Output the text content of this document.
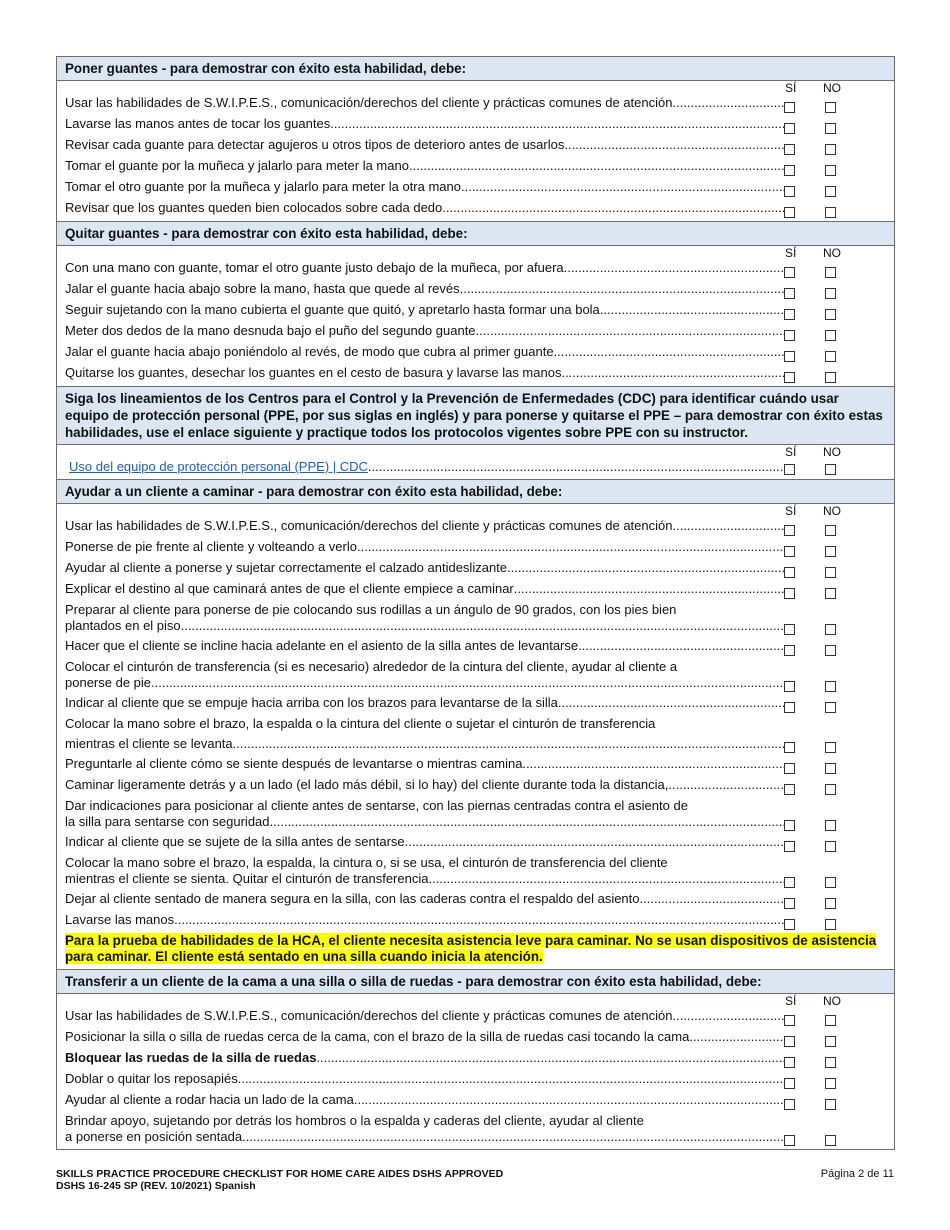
Poner guantes - para demostrar con éxito esta habilidad, debe:
SÍ NO
Usar las habilidades de S.W.I.P.E.S., comunicación/derechos del cliente y prácticas comunes de atención
.....
Lavarse las manos antes de tocar los guantes
.....
Revisar cada guante para detectar agujeros u otros tipos de deterioro antes de usarlos
.....
Tomar el guante por la muñeca y jalarlo para meter la mano
.....
Tomar el otro guante por la muñeca y jalarlo para meter la otra mano
.....
Revisar que los guantes queden bien colocados sobre cada dedo
.....
Quitar guantes - para demostrar con éxito esta habilidad, debe:
SÍ NO
Con una mano con guante, tomar el otro guante justo debajo de la muñeca, por afuera
.....
Jalar el guante hacia abajo sobre la mano, hasta que quede al revés
.....
Seguir sujetando con la mano cubierta el guante que quitó, y apretarlo hasta formar una bola
.....
Meter dos dedos de la mano desnuda bajo el puño del segundo guante
.....
Jalar el guante hacia abajo poniéndolo al revés, de modo que cubra al primer guante
.....
Quitarse los guantes, desechar los guantes en el cesto de basura y lavarse las manos
.....
Siga los lineamientos de los Centros para el Control y la Prevención de Enfermedades (CDC) para identificar cuándo usar equipo de protección personal (PPE, por sus siglas en inglés) y para ponerse y quitarse el PPE – para demostrar con éxito estas habilidades, use el enlace siguiente y practique todos los protocolos vigentes sobre PPE con su instructor.
SÍ NO
Uso del equipo de protección personal (PPE) | CDC
.....
Ayudar a un cliente a caminar - para demostrar con éxito esta habilidad, debe:
SÍ NO
Usar las habilidades de S.W.I.P.E.S., comunicación/derechos del cliente y prácticas comunes de atención
.....
Ponerse de pie frente al cliente y volteando a verlo
.....
Ayudar al cliente a ponerse y sujetar correctamente el calzado antideslizante
.....
Explicar el destino al que caminará antes de que el cliente empiece a caminar
.....
Preparar al cliente para ponerse de pie colocando sus rodillas a un ángulo de 90 grados, con los pies bien
plantados en el piso
.....
Hacer que el cliente se incline hacia adelante en el asiento de la silla antes de levantarse
.....
Colocar el cinturón de transferencia (si es necesario) alrededor de la cintura del cliente, ayudar al cliente a
ponerse de pie
.....
Indicar al cliente que se empuje hacia arriba con los brazos para levantarse de la silla
.....
Colocar la mano sobre el brazo, la espalda o la cintura del cliente o sujetar el cinturón de transferencia
mientras el cliente se levanta
.....
Preguntarle al cliente cómo se siente después de levantarse o mientras camina
.....
Caminar ligeramente detrás y a un lado (el lado más débil, si lo hay) del cliente durante toda la distancia,
.....
Dar indicaciones para posicionar al cliente antes de sentarse, con las piernas centradas contra el asiento de
la silla para sentarse con seguridad
.....
Indicar al cliente que se sujete de la silla antes de sentarse
.....
Colocar la mano sobre el brazo, la espalda, la cintura o, si se usa, el cinturón de transferencia del cliente
mientras el cliente se sienta. Quitar el cinturón de transferencia.
.....
Dejar al cliente sentado de manera segura en la silla, con las caderas contra el respaldo del asiento
.....
Lavarse las manos
.....
Para la prueba de habilidades de la HCA, el cliente necesita asistencia leve para caminar. No se usan dispositivos de asistencia para caminar. El cliente está sentado en una silla cuando inicia la atención.
Transferir a un cliente de la cama a una silla o silla de ruedas - para demostrar con éxito esta habilidad, debe:
SÍ NO
Usar las habilidades de S.W.I.P.E.S., comunicación/derechos del cliente y prácticas comunes de atención
.....
Posicionar la silla o silla de ruedas cerca de la cama, con el brazo de la silla de ruedas casi tocando la cama
.....
Bloquear las ruedas de la silla de ruedas
.....
Doblar o quitar los reposapiés
.....
Ayudar al cliente a rodar hacia un lado de la cama
.....
Brindar apoyo, sujetando por detrás los hombros o la espalda y caderas del cliente, ayudar al cliente
a ponerse en posición sentada
.....
SKILLS PRACTICE PROCEDURE CHECKLIST FOR HOME CARE AIDES DSHS APPROVED
DSHS 16-245 SP (REV. 10/2021) Spanish
Página 2 de 11
